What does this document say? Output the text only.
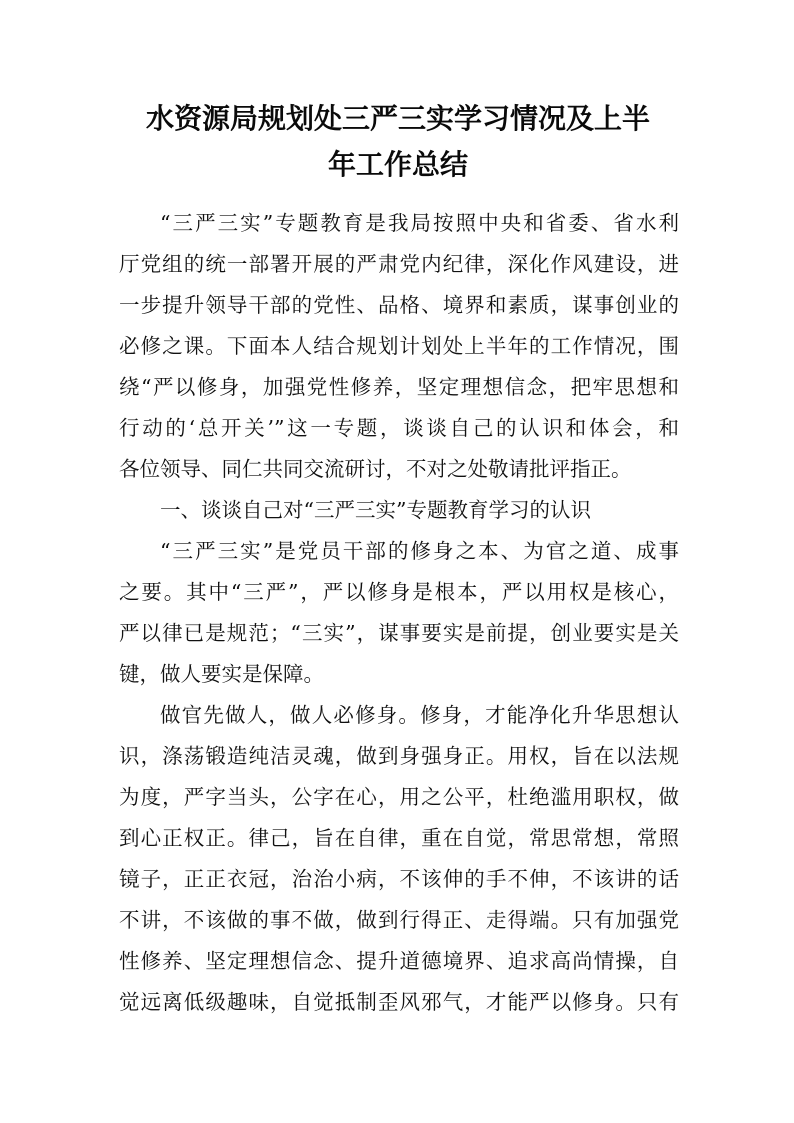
水资源局规划处三严三实学习情况及上半
年工作总结
“三严三实”专题教育是我局按照中央和省委、省水利
厅党组的统一部署开展的严肃党内纪律，深化作风建设，进
一步提升领导干部的党性、品格、境界和素质，谋事创业的
必修之课。下面本人结合规划计划处上半年的工作情况，围
绕“严以修身，加强党性修养，坚定理想信念，把牢思想和
行动的‘总开关’”这一专题，谈谈自己的认识和体会，和
各位领导、同仁共同交流研讨，不对之处敬请批评指正。
一、谈谈自己对“三严三实”专题教育学习的认识
“三严三实”是党员干部的修身之本、为官之道、成事
之要。其中“三严”，严以修身是根本，严以用权是核心，
严以律已是规范；“三实”，谋事要实是前提，创业要实是关
键，做人要实是保障。
做官先做人，做人必修身。修身，才能净化升华思想认
识，涤荡锻造纯洁灵魂，做到身强身正。用权，旨在以法规
为度，严字当头，公字在心，用之公平，杜绝滥用职权，做
到心正权正。律己，旨在自律，重在自觉，常思常想，常照
镜子，正正衣冠，治治小病，不该伸的手不伸，不该讲的话
不讲，不该做的事不做，做到行得正、走得端。只有加强党
性修养、坚定理想信念、提升道德境界、追求高尚情操，自
觉远离低级趣味，自觉抵制歪风邪气，才能严以修身。只有
